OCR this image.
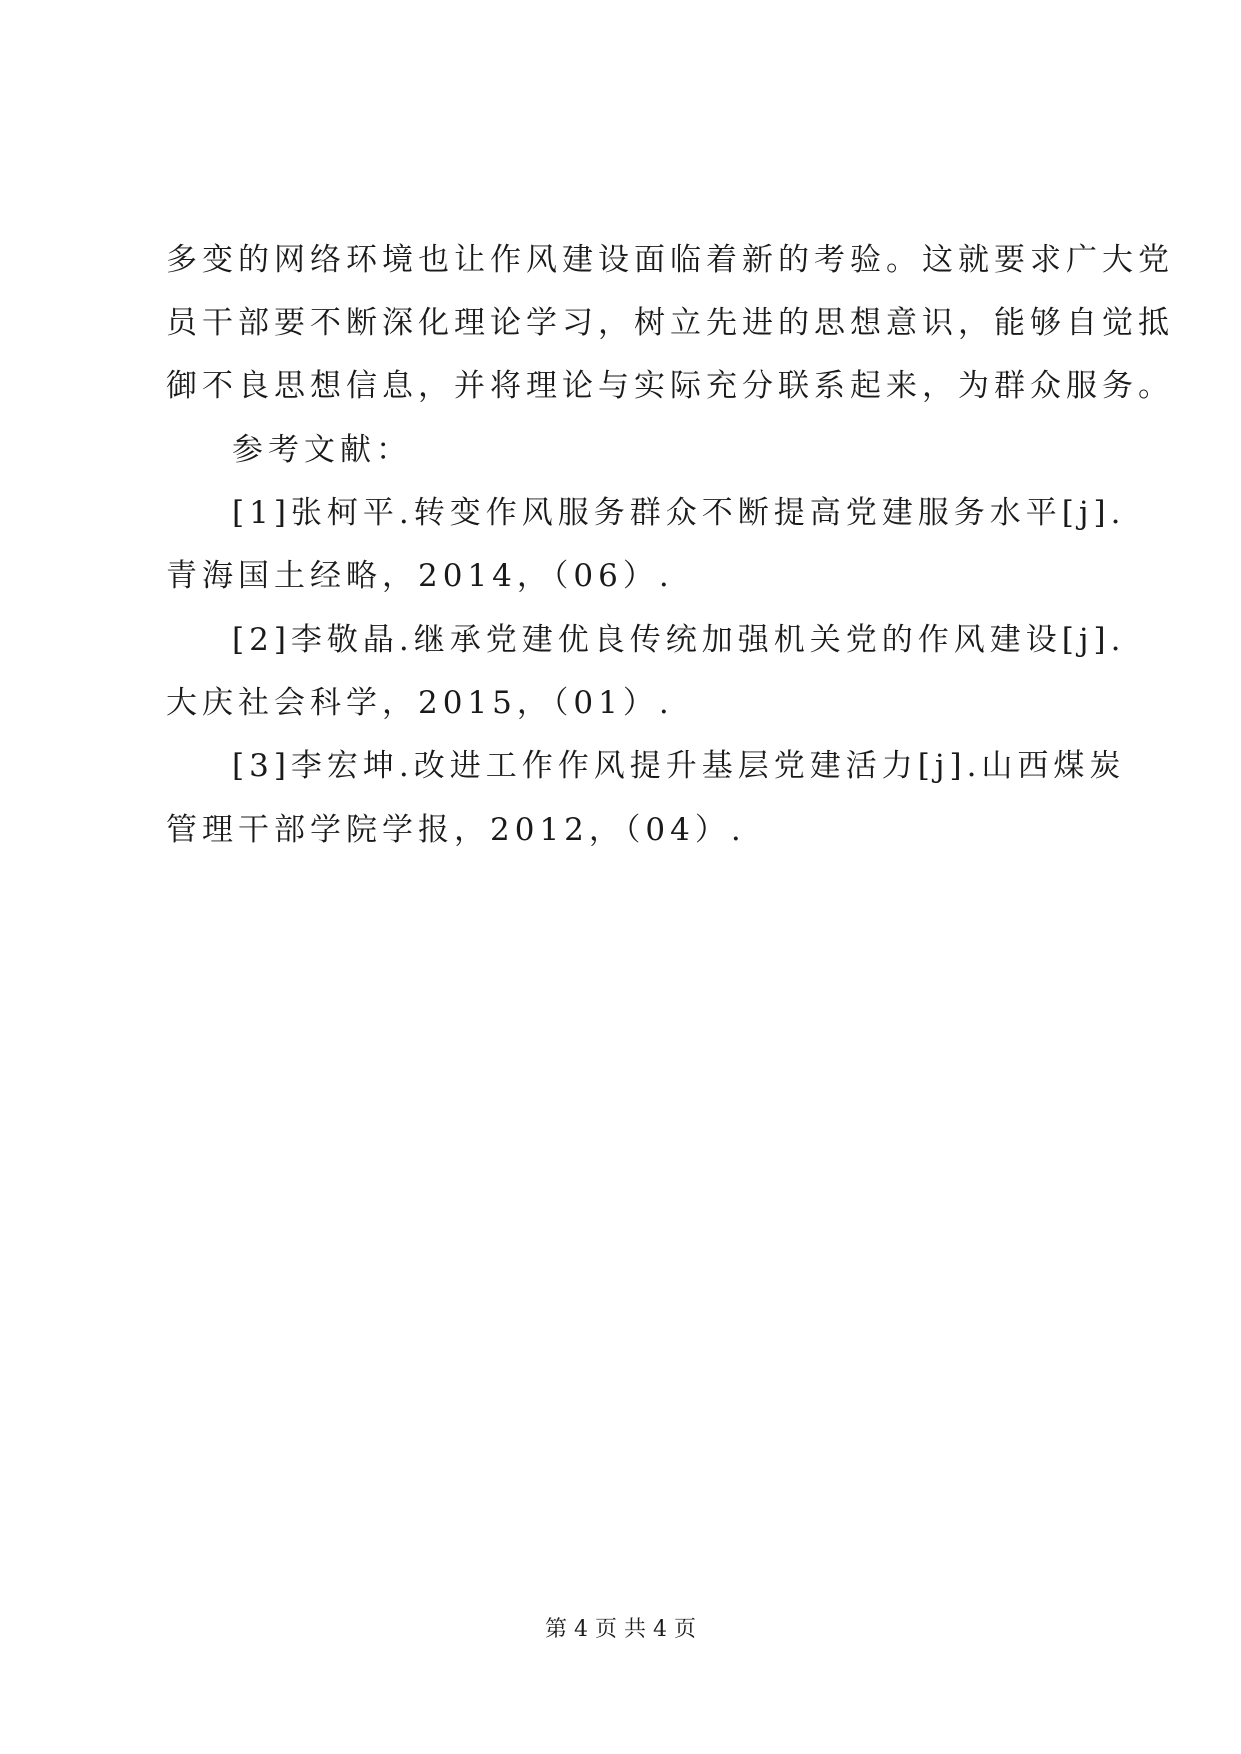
多变的网络环境也让作风建设面临着新的考验。这就要求广大党
员干部要不断深化理论学习，树立先进的思想意识，能够自觉抵
御不良思想信息，并将理论与实际充分联系起来，为群众服务。
参考文献：
[1]张柯平.转变作风服务群众不断提高党建服务水平[j].
青海国土经略，2014，（06）.
[2]李敬晶.继承党建优良传统加强机关党的作风建设[j].
大庆社会科学，2015，（01）.
[3]李宏坤.改进工作作风提升基层党建活力[j].山西煤炭
管理干部学院学报，2012，（04）.
第 4 页 共 4 页
